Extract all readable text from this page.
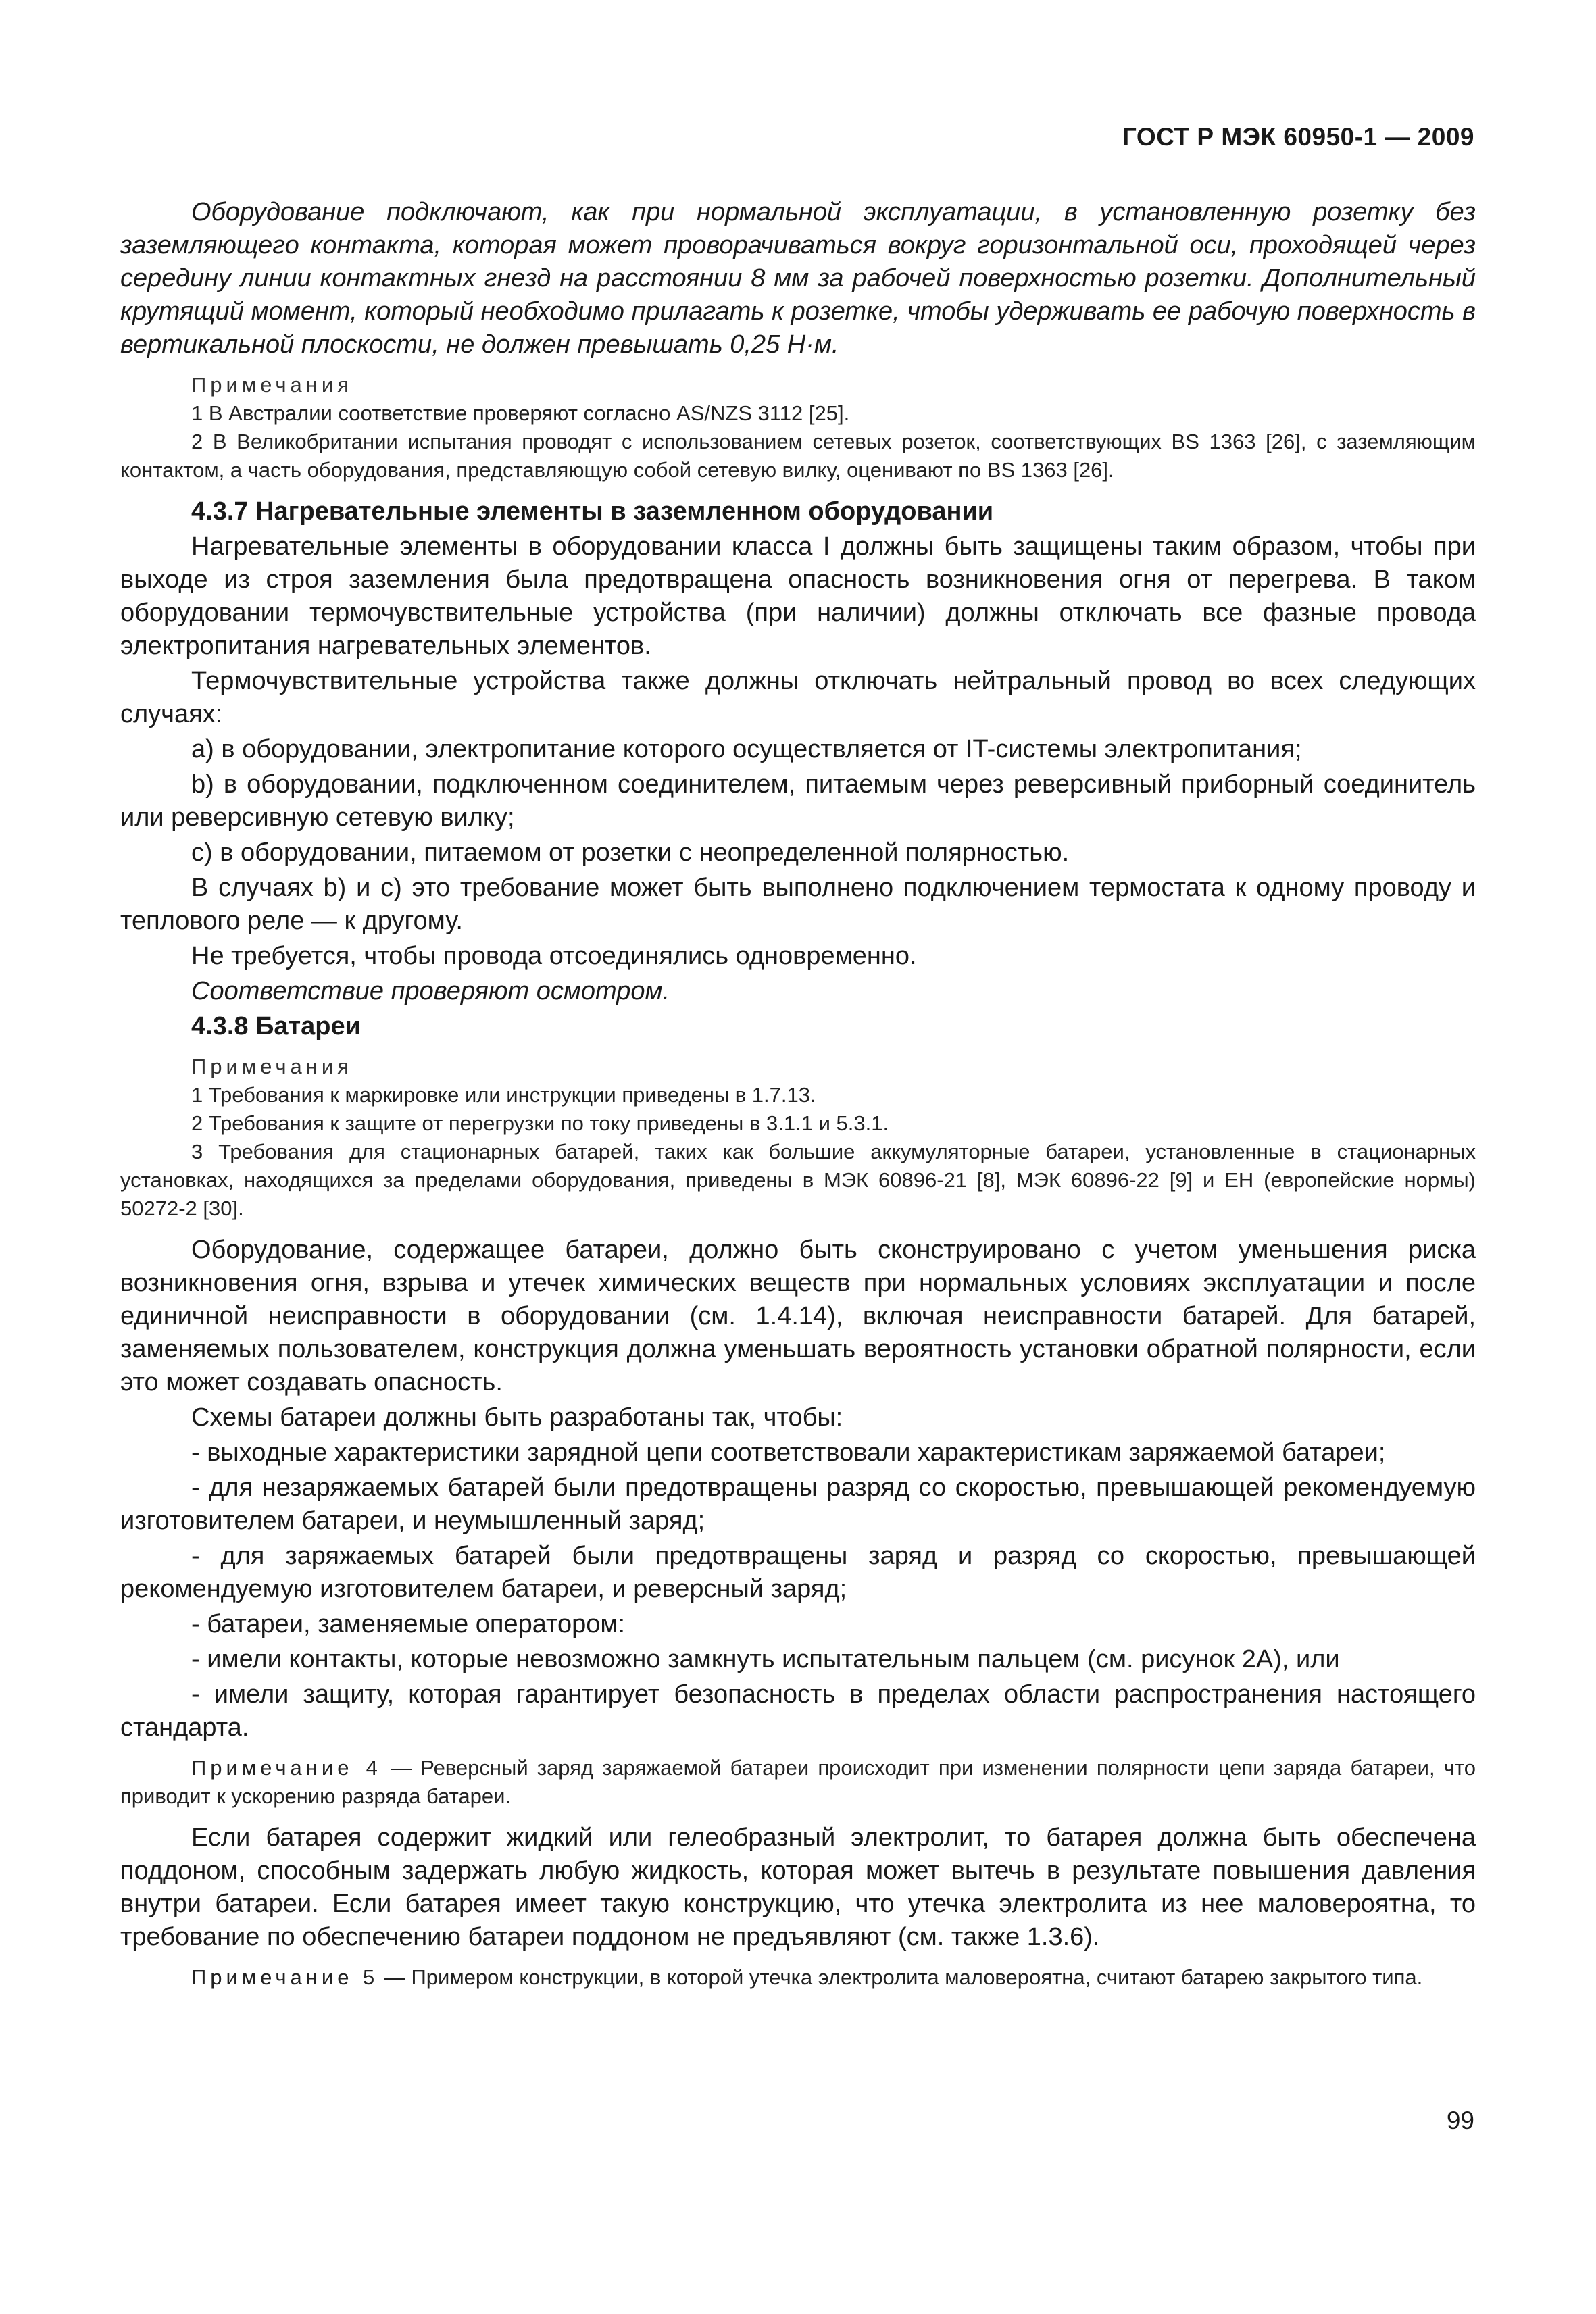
ГОСТ Р МЭК 60950-1 — 2009

Оборудование подключают, как при нормальной эксплуатации, в установленную розетку без заземляющего контакта, которая может проворачиваться вокруг горизонтальной оси, проходящей через середину линии контактных гнезд на расстоянии 8 мм за рабочей поверхностью розетки. Дополнительный крутящий момент, который необходимо прилагать к розетке, чтобы удерживать ее рабочую поверхность в вертикальной плоскости, не должен превышать 0,25 Н·м.

Примечания

1 В Австралии соответствие проверяют согласно AS/NZS 3112 [25].

2 В Великобритании испытания проводят с использованием сетевых розеток, соответствующих BS 1363 [26], с заземляющим контактом, а часть оборудования, представляющую собой сетевую вилку, оценивают по BS 1363 [26].

4.3.7 Нагревательные элементы в заземленном оборудовании

Нагревательные элементы в оборудовании класса I должны быть защищены таким образом, чтобы при выходе из строя заземления была предотвращена опасность возникновения огня от перегрева. В таком оборудовании термочувствительные устройства (при наличии) должны отключать все фазные провода электропитания нагревательных элементов.

Термочувствительные устройства также должны отключать нейтральный провод во всех следующих случаях:

a) в оборудовании, электропитание которого осуществляется от IT-системы электропитания;

b) в оборудовании, подключенном соединителем, питаемым через реверсивный приборный соединитель или реверсивную сетевую вилку;

c) в оборудовании, питаемом от розетки с неопределенной полярностью.

В случаях b) и c) это требование может быть выполнено подключением термостата к одному проводу и теплового реле — к другому.

Не требуется, чтобы провода отсоединялись одновременно.

Соответствие проверяют осмотром.

4.3.8 Батареи

Примечания

1 Требования к маркировке или инструкции приведены в 1.7.13.

2 Требования к защите от перегрузки по току приведены в 3.1.1 и 5.3.1.

3 Требования для стационарных батарей, таких как большие аккумуляторные батареи, установленные в стационарных установках, находящихся за пределами оборудования, приведены в МЭК 60896-21 [8], МЭК 60896-22 [9] и ЕН (европейские нормы) 50272-2 [30].

Оборудование, содержащее батареи, должно быть сконструировано с учетом уменьшения риска возникновения огня, взрыва и утечек химических веществ при нормальных условиях эксплуатации и после единичной неисправности в оборудовании (см. 1.4.14), включая неисправности батарей. Для батарей, заменяемых пользователем, конструкция должна уменьшать вероятность установки обратной полярности, если это может создавать опасность.

Схемы батареи должны быть разработаны так, чтобы:

- выходные характеристики зарядной цепи соответствовали характеристикам заряжаемой батареи;

- для незаряжаемых батарей были предотвращены разряд со скоростью, превышающей рекомендуемую изготовителем батареи, и неумышленный заряд;

- для заряжаемых батарей были предотвращены заряд и разряд со скоростью, превышающей рекомендуемую изготовителем батареи, и реверсный заряд;

- батареи, заменяемые оператором:

- имели контакты, которые невозможно замкнуть испытательным пальцем (см. рисунок 2А), или

- имели защиту, которая гарантирует безопасность в пределах области распространения настоящего стандарта.

Примечание 4 — Реверсный заряд заряжаемой батареи происходит при изменении полярности цепи заряда батареи, что приводит к ускорению разряда батареи.

Если батарея содержит жидкий или гелеобразный электролит, то батарея должна быть обеспечена поддоном, способным задержать любую жидкость, которая может вытечь в результате повышения давления внутри батареи. Если батарея имеет такую конструкцию, что утечка электролита из нее маловероятна, то требование по обеспечению батареи поддоном не предъявляют (см. также 1.3.6).

Примечание 5 — Примером конструкции, в которой утечка электролита маловероятна, считают батарею закрытого типа.

99
